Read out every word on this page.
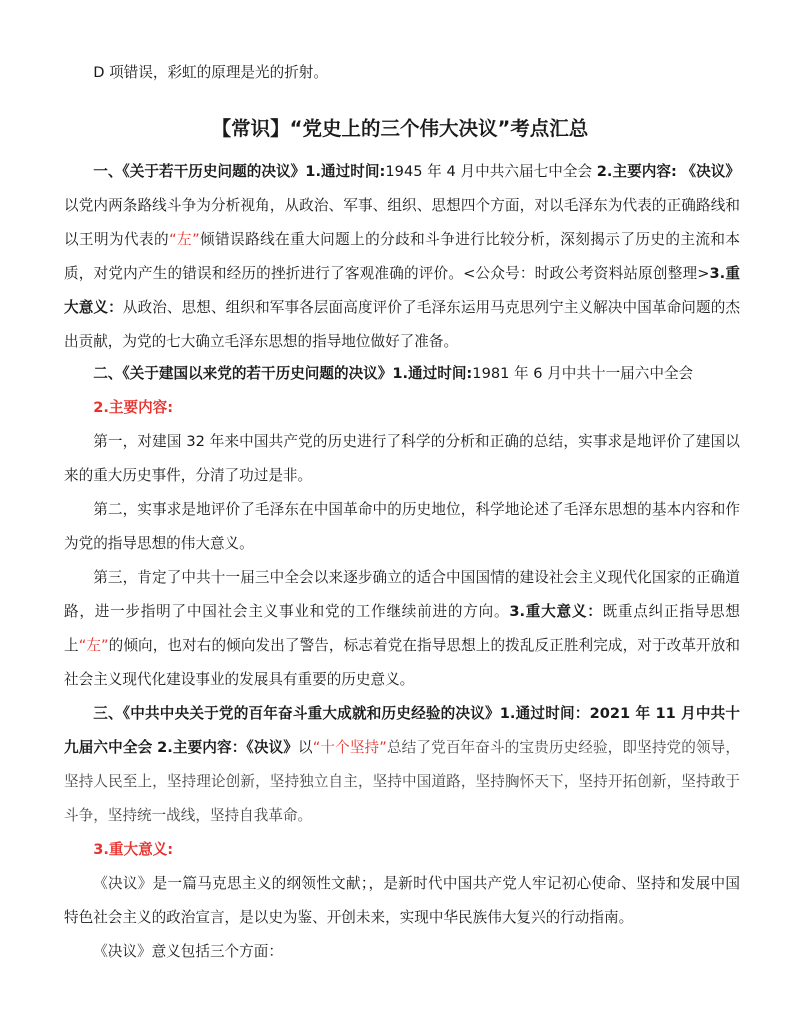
D 项错误，彩虹的原理是光的折射。

【常识】“党史上的三个伟大决议”考点汇总

一、《关于若干历史问题的决议》1.通过时间:1945 年 4 月中共六届七中全会 2.主要内容: 《决议》以党内两条路线斗争为分析视角，从政治、军事、组织、思想四个方面，对以毛泽东为代表的正确路线和以王明为代表的“左”倾错误路线在重大问题上的分歧和斗争进行比较分析，深刻揭示了历史的主流和本质，对党内产生的错误和经历的挫折进行了客观准确的评价。<公众号：时政公考资料站原创整理>3.重大意义：从政治、思想、组织和军事各层面高度评价了毛泽东运用马克思列宁主义解决中国革命问题的杰出贡献，为党的七大确立毛泽东思想的指导地位做好了准备。

二、《关于建国以来党的若干历史问题的决议》1.通过时间:1981 年 6 月中共十一届六中全会

2.主要内容:

第一，对建国 32 年来中国共产党的历史进行了科学的分析和正确的总结，实事求是地评价了建国以来的重大历史事件，分清了功过是非。

第二，实事求是地评价了毛泽东在中国革命中的历史地位，科学地论述了毛泽东思想的基本内容和作为党的指导思想的伟大意义。

第三，肯定了中共十一届三中全会以来逐步确立的适合中国国情的建设社会主义现代化国家的正确道路，进一步指明了中国社会主义事业和党的工作继续前进的方向。3.重大意义：既重点纠正指导思想上“左”的倾向，也对右的倾向发出了警告，标志着党在指导思想上的拨乱反正胜利完成，对于改革开放和社会主义现代化建设事业的发展具有重要的历史意义。

三、《中共中央关于党的百年奋斗重大成就和历史经验的决议》1.通过时间：2021 年 11 月中共十九届六中全会 2.主要内容：《决议》以“十个坚持”总结了党百年奋斗的宝贵历史经验，即坚持党的领导，坚持人民至上，坚持理论创新，坚持独立自主，坚持中国道路，坚持胸怀天下，坚持开拓创新，坚持敢于斗争，坚持统一战线，坚持自我革命。

3.重大意义:

《决议》是一篇马克思主义的纲领性文献；，是新时代中国共产党人牢记初心使命、坚持和发展中国特色社会主义的政治宣言，是以史为鉴、开创未来，实现中华民族伟大复兴的行动指南。

《决议》意义包括三个方面：
